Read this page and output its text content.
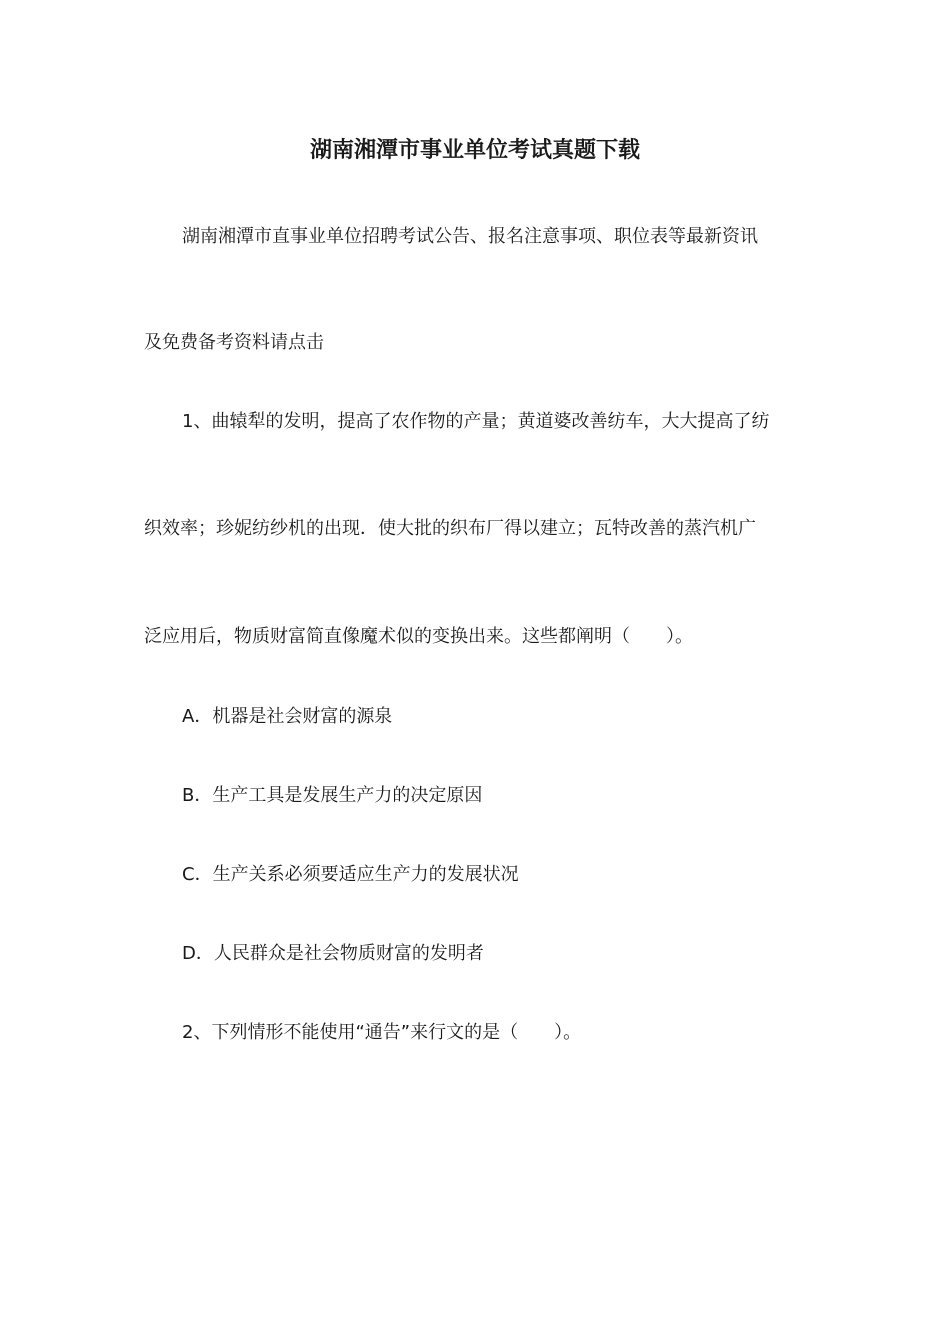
湖南湘潭市事业单位考试真题下载
湖南湘潭市直事业单位招聘考试公告、报名注意事项、职位表等最新资讯
及免费备考资料请点击
1、曲辕犁的发明，提高了农作物的产量；黄道婆改善纺车，大大提高了纺
织效率；珍妮纺纱机的出现．使大批的织布厂得以建立；瓦特改善的蒸汽机广
泛应用后，物质财富简直像魔术似的变换出来。这些都阐明（　　）。
A．机器是社会财富的源泉
B．生产工具是发展生产力的决定原因
C．生产关系必须要适应生产力的发展状况
D．人民群众是社会物质财富的发明者
2、下列情形不能使用“通告”来行文的是（　　）。
